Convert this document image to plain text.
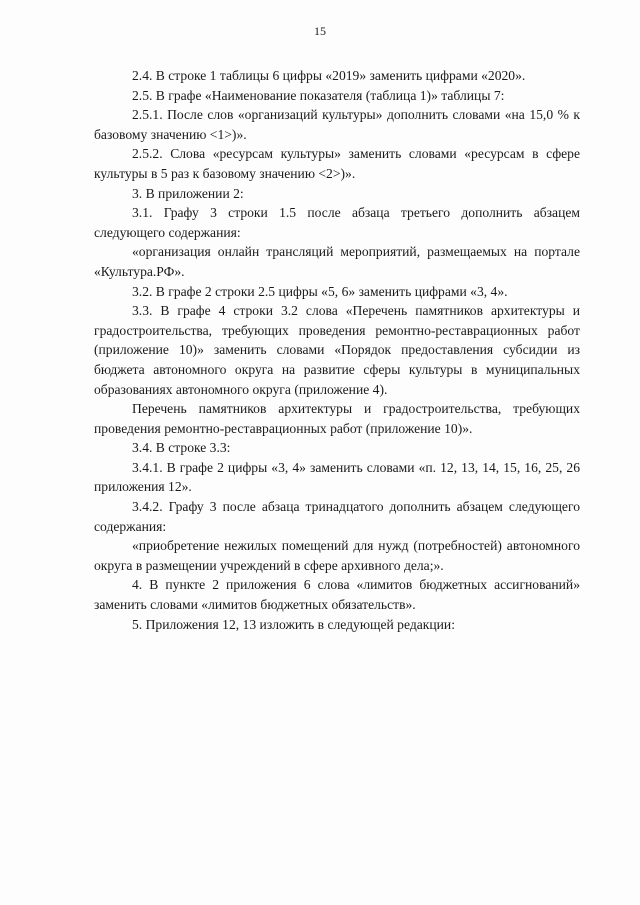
15

2.4. В строке 1 таблицы 6 цифры «2019» заменить цифрами «2020».

2.5. В графе «Наименование показателя (таблица 1)» таблицы 7:

2.5.1. После слов «организаций культуры» дополнить словами «на 15,0 % к базовому значению <1>)».

2.5.2. Слова «ресурсам культуры» заменить словами «ресурсам в сфере культуры в 5 раз к базовому значению <2>)».

3. В приложении 2:

3.1. Графу 3 строки 1.5 после абзаца третьего дополнить абзацем следующего содержания:

«организация онлайн трансляций мероприятий, размещаемых на портале «Культура.РФ».

3.2. В графе 2 строки 2.5 цифры «5, 6» заменить цифрами «3, 4».

3.3. В графе 4 строки 3.2 слова «Перечень памятников архитектуры и градостроительства, требующих проведения ремонтно-реставрационных работ (приложение 10)» заменить словами «Порядок предоставления субсидии из бюджета автономного округа на развитие сферы культуры в муниципальных образованиях автономного округа (приложение 4).

Перечень памятников архитектуры и градостроительства, требующих проведения ремонтно-реставрационных работ (приложение 10)».

3.4. В строке 3.3:

3.4.1. В графе 2 цифры «3, 4» заменить словами «п. 12, 13, 14, 15, 16, 25, 26 приложения 12».

3.4.2. Графу 3 после абзаца тринадцатого дополнить абзацем следующего содержания:

«приобретение нежилых помещений для нужд (потребностей) автономного округа в размещении учреждений в сфере архивного дела;».

4. В пункте 2 приложения 6 слова «лимитов бюджетных ассигнований» заменить словами «лимитов бюджетных обязательств».

5. Приложения 12, 13 изложить в следующей редакции:
